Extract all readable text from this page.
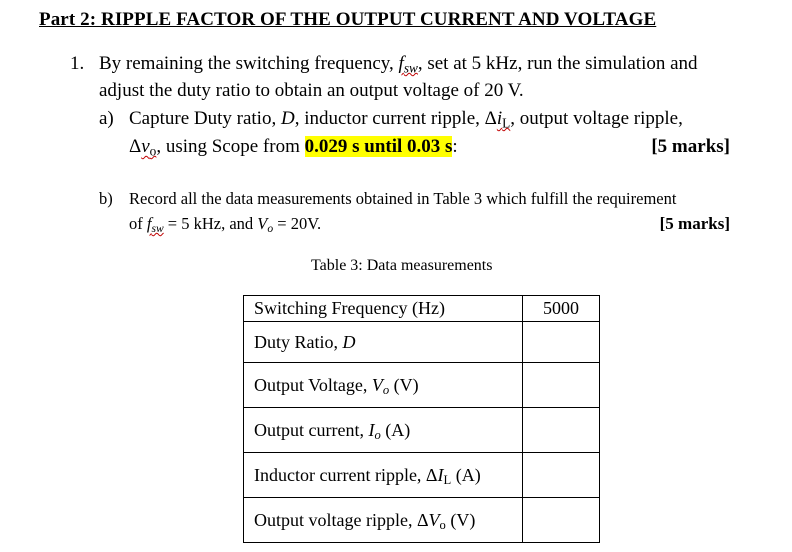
Part 2: RIPPLE FACTOR OF THE OUTPUT CURRENT AND VOLTAGE
1. By remaining the switching frequency, $f_{sw}$, set at 5 kHz, run the simulation and
adjust the duty ratio to obtain an output voltage of 20 V.
a) Capture Duty ratio, D, inductor current ripple, $\Delta i_L$, output voltage ripple,
$\Delta v_o$, using Scope from 0.029 s until 0.03 s:	[5 marks]
b) Record all the data measurements obtained in Table 3 which fulfill the requirement
of $f_{sw} = 5$ kHz, and $V_o = 20V$.	[5 marks]
Table 3: Data measurements
Switching Frequency (Hz)	5000
Duty Ratio, D	
Output Voltage, $V_o$ (V)	
Output current, $I_o$ (A)	
Inductor current ripple, $\Delta I_L$ (A)	
Output voltage ripple, $\Delta V_o$ (V)	
